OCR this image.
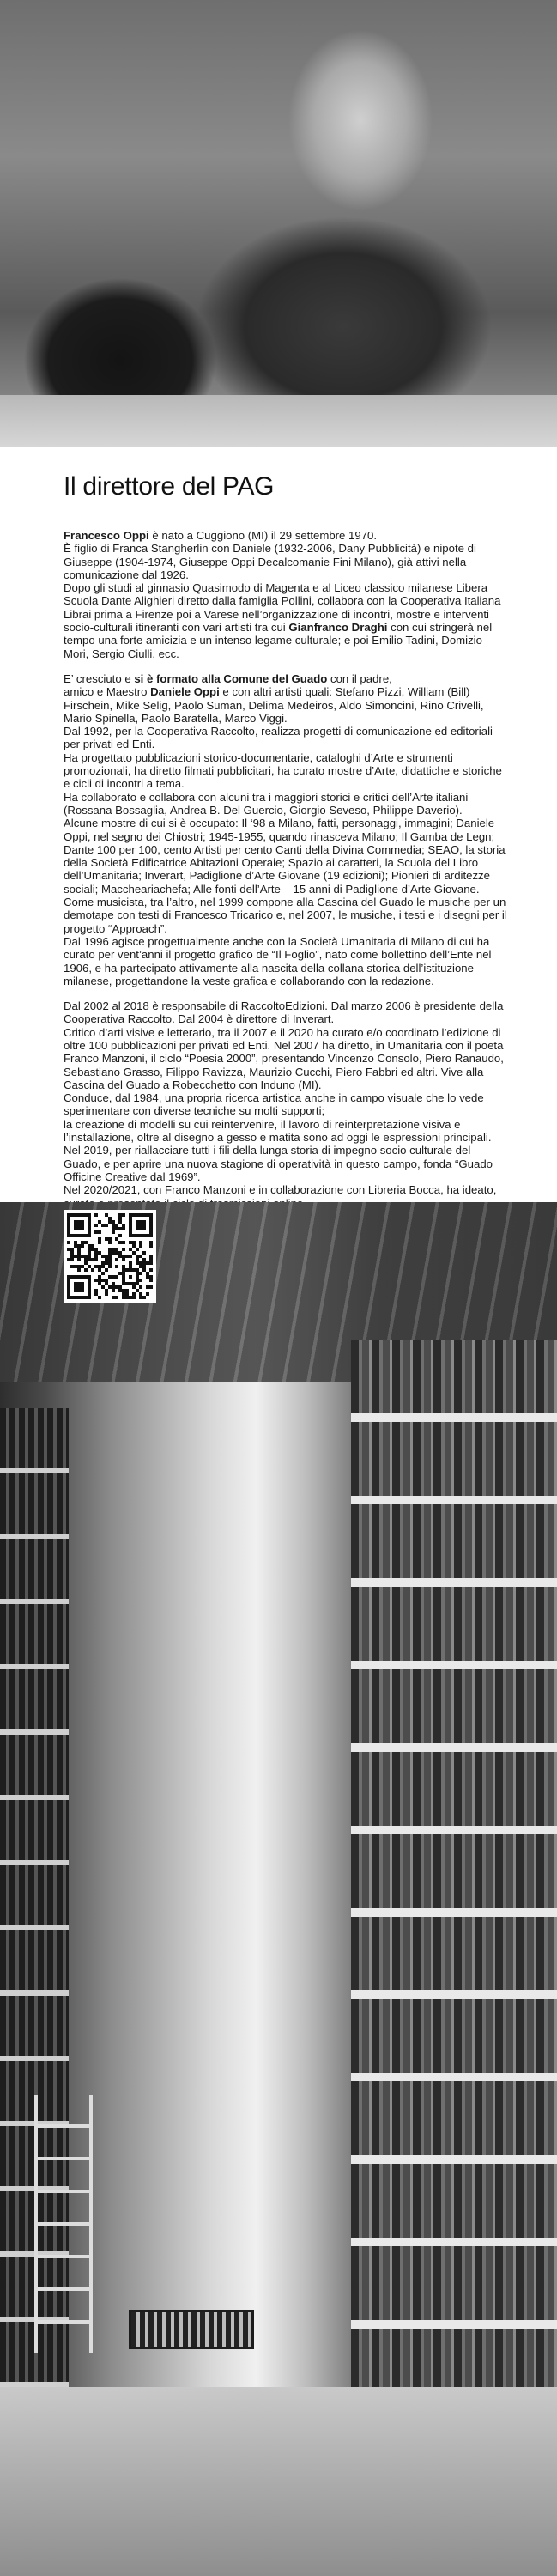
Il direttore del PAG

Francesco Oppi è nato a Cuggiono (MI) il 29 settembre 1970.
È figlio di Franca Stangherlin con Daniele (1932-2006, Dany Pubblicità) e nipote di Giuseppe (1904-1974, Giuseppe Oppi Decalcomanie Fini Milano), già attivi nella comunicazione dal 1926.
Dopo gli studi al ginnasio Quasimodo di Magenta e al Liceo classico milanese Libera Scuola Dante Alighieri diretto dalla famiglia Pollini, collabora con la Cooperativa Italiana Librai prima a Firenze poi a Varese nell’organizzazione di incontri, mostre e interventi socio-culturali itineranti con vari artisti tra cui Gianfranco Draghi con cui stringerà nel tempo una forte amicizia e un intenso legame culturale; e poi Emilio Tadini, Domizio Mori, Sergio Ciulli, ecc.

E’ cresciuto e si è formato alla Comune del Guado con il padre,
amico e Maestro Daniele Oppi e con altri artisti quali: Stefano Pizzi, William (Bill) Firschein, Mike Selig, Paolo Suman, Delima Medeiros, Aldo Simoncini, Rino Crivelli, Mario Spinella, Paolo Baratella, Marco Viggi.
Dal 1992, per la Cooperativa Raccolto, realizza progetti di comunicazione ed editoriali per privati ed Enti.
Ha progettato pubblicazioni storico-documentarie, cataloghi d’Arte e strumenti promozionali, ha diretto filmati pubblicitari, ha curato mostre d’Arte, didattiche e storiche e cicli di incontri a tema.
Ha collaborato e collabora con alcuni tra i maggiori storici e critici dell’Arte italiani (Rossana Bossaglia, Andrea B. Del Guercio, Giorgio Seveso, Philippe Daverio).
Alcune mostre di cui si è occupato: Il ‘98 a Milano, fatti, personaggi, immagini; Daniele Oppi, nel segno dei Chiostri; 1945-1955, quando rinasceva Milano; Il Gamba de Legn; Dante 100 per 100, cento Artisti per cento Canti della Divina Commedia; SEAO, la storia della Società Edificatrice Abitazioni Operaie; Spazio ai caratteri, la Scuola del Libro dell’Umanitaria; Inverart, Padiglione d’Arte Giovane (19 edizioni); Pionieri di arditezze sociali; Maccheariachefa; Alle fonti dell’Arte – 15 anni di Padiglione d’Arte Giovane.
Come musicista, tra l’altro, nel 1999 compone alla Cascina del Guado le musiche per un demotape con testi di Francesco Tricarico e, nel 2007, le musiche, i testi e i disegni per il progetto “Approach”.
Dal 1996 agisce progettualmente anche con la Società Umanitaria di Milano di cui ha curato per vent’anni il progetto grafico de “Il Foglio”, nato come bollettino dell’Ente nel 1906, e ha partecipato attivamente alla nascita della collana storica dell’istituzione milanese, progettandone la veste grafica e collaborando con la redazione.

Dal 2002 al 2018 è responsabile di RaccoltoEdizioni. Dal marzo 2006 è presidente della Cooperativa Raccolto. Dal 2004 è direttore di Inverart.
Critico d’arti visive e letterario, tra il 2007 e il 2020 ha curato e/o coordinato l’edizione di oltre 100 pubblicazioni per privati ed Enti. Nel 2007 ha diretto, in Umanitaria con il poeta Franco Manzoni, il ciclo “Poesia 2000”, presentando Vincenzo Consolo, Piero Ranaudo, Sebastiano Grasso, Filippo Ravizza, Maurizio Cucchi, Piero Fabbri ed altri. Vive alla Cascina del Guado a Robecchetto con Induno (MI).
Conduce, dal 1984, una propria ricerca artistica anche in campo visuale che lo vede sperimentare con diverse tecniche su molti supporti;
la creazione di modelli su cui reintervenire, il lavoro di reinterpretazione visiva e l’installazione, oltre al disegno a gesso e matita sono ad oggi le espressioni principali.
Nel 2019, per riallacciare tutti i fili della lunga storia di impegno socio culturale del Guado, e per aprire una nuova stagione di operatività in questo campo, fonda “Guado Officine Creative dal 1969”.
Nel 2020/2021, con Franco Manzoni e in collaborazione con Libreria Bocca, ha ideato,
